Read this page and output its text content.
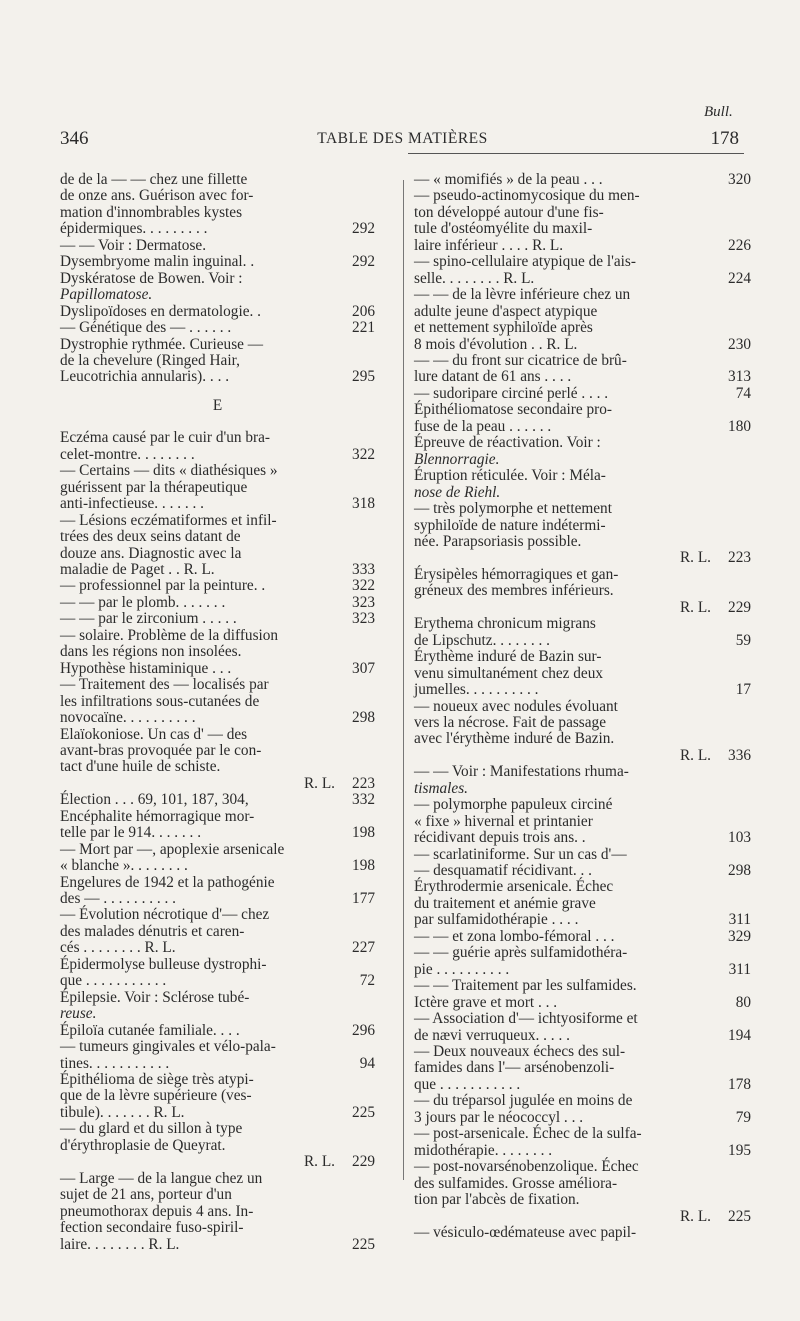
Bull.
346	TABLE DES MATIÈRES	178
de de la — — chez une fillette
de onze ans. Guérison avec for-
mation d'innombrables kystes
épidermiques. . . . . . . . .	292
— — Voir : Dermatose.
Dysembryome malin inguinal. .	292
Dyskératose de Bowen. Voir :
Papillomatose.
Dyslipoïdoses en dermatologie. .	206
— Génétique des — . . . . . .	221
Dystrophie rythmée. Curieuse —
de la chevelure (Ringed Hair,
Leucotrichia annularis). . . .	295
E
Eczéma causé par le cuir d'un bra-
celet-montre. . . . . . . .	322
— Certains — dits « diathésiques »
guérissent par la thérapeutique
anti-infectieuse. . . . . . .	318
— Lésions eczématiformes et infil-
trées des deux seins datant de
douze ans. Diagnostic avec la
maladie de Paget . . R. L.	333
— professionnel par la peinture. .	322
— — par le plomb. . . . . . .	323
— — par le zirconium . . . . .	323
— solaire. Problème de la diffusion
dans les régions non insolées.
Hypothèse histaminique . . .	307
— Traitement des — localisés par
les infiltrations sous-cutanées de
novocaïne. . . . . . . . . .	298
Elaïokoniose. Un cas d' — des
avant-bras provoquée par le con-
tact d'une huile de schiste.
R. L. 223
Élection . . . 69, 101, 187, 304,	332
Encéphalite hémorragique mor-
telle par le 914. . . . . . .	198
— Mort par —, apoplexie arsenicale
« blanche ». . . . . . . .	198
Engelures de 1942 et la pathogénie
des — . . . . . . . . . .	177
— Évolution nécrotique d'— chez
des malades dénutris et caren-
cés . . . . . . . . R. L.	227
Épidermolyse bulleuse dystrophi-
que . . . . . . . . . . .	72
Épilepsie. Voir : Sclérose tubé-
reuse.
Épiloïa cutanée familiale. . . .	296
— tumeurs gingivales et vélo-pala-
tines. . . . . . . . . . .	94
Épithélioma de siège très atypi-
que de la lèvre supérieure (ves-
tibule). . . . . . . R. L.	225
— du glard et du sillon à type
d'érythroplasie de Queyrat.
R. L. 229
— Large — de la langue chez un
sujet de 21 ans, porteur d'un
pneumothorax depuis 4 ans. In-
fection secondaire fuso-spiril-
laire. . . . . . . . R. L.	225
— « momifiés » de la peau . . .	320
— pseudo-actinomycosique du men-
ton développé autour d'une fis-
tule d'ostéomyélite du maxil-
laire inférieur . . . . R. L.	226
— spino-cellulaire atypique de l'ais-
selle. . . . . . . . R. L.	224
— — de la lèvre inférieure chez un
adulte jeune d'aspect atypique
et nettement syphiloïde après
8 mois d'évolution . . R. L.	230
— — du front sur cicatrice de brû-
lure datant de 61 ans . . . .	313
— sudoripare circiné perlé . . . .	74
Épithéliomatose secondaire pro-
fuse de la peau . . . . . .	180
Épreuve de réactivation. Voir :
Blennorragie.
Éruption réticulée. Voir : Méla-
nose de Riehl.
— très polymorphe et nettement
syphiloïde de nature indétermi-
née. Parapsoriasis possible.
R. L. 223
Érysipèles hémorragiques et gan-
gréneux des membres inférieurs.
R. L. 229
Erythema chronicum migrans
de Lipschutz. . . . . . . .	59
Érythème induré de Bazin sur-
venu simultanément chez deux
jumelles. . . . . . . . . .	17
— noueux avec nodules évoluant
vers la nécrose. Fait de passage
avec l'érythème induré de Bazin.
R. L. 336
— — Voir : Manifestations rhuma-
tismales.
— polymorphe papuleux circiné
« fixe » hivernal et printanier
récidivant depuis trois ans. .	103
— scarlatiniforme. Sur un cas d'—
— desquamatif récidivant. . .	298
Érythrodermie arsenicale. Échec
du traitement et anémie grave
par sulfamidothérapie . . . .	311
— — et zona lombo-fémoral . . .	329
— — guérie après sulfamidothéra-
pie . . . . . . . . . .	311
— — Traitement par les sulfamides.
Ictère grave et mort . . .	80
— Association d'— ichtyosiforme et
de nævi verruqueux. . . . .	194
— Deux nouveaux échecs des sul-
famides dans l'— arsénobenzoli-
que . . . . . . . . . . .	178
— du tréparsol jugulée en moins de
3 jours par le néococcyl . . .	79
— post-arsenicale. Échec de la sulfa-
midothérapie. . . . . . . .	195
— post-novarsénobenzolique. Échec
des sulfamides. Grosse améliora-
tion par l'abcès de fixation.
R. L. 225
— vésiculo-œdémateuse avec papil-
